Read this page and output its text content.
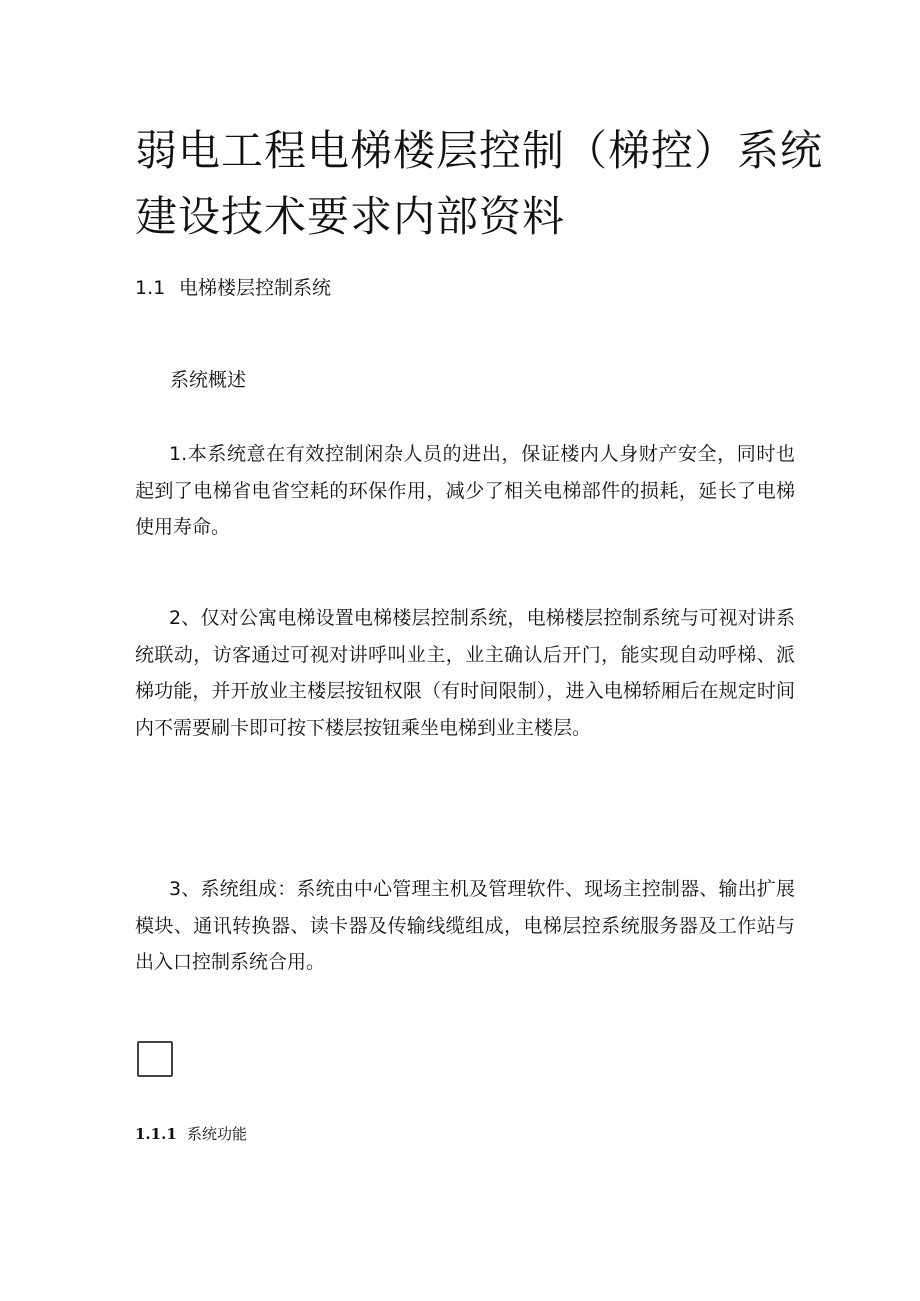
弱电工程电梯楼层控制（梯控）系统
建设技术要求内部资料
1.1 电梯楼层控制系统
系统概述

1.本系统意在有效控制闲杂人员的进出，保证楼内人身财产安全，同时也起到了电梯省电省空耗的环保作用，减少了相关电梯部件的损耗，延长了电梯使用寿命。

2、仅对公寓电梯设置电梯楼层控制系统，电梯楼层控制系统与可视对讲系统联动，访客通过可视对讲呼叫业主，业主确认后开门，能实现自动呼梯、派梯功能，并开放业主楼层按钮权限（有时间限制），进入电梯轿厢后在规定时间内不需要刷卡即可按下楼层按钮乘坐电梯到业主楼层。

3、系统组成：系统由中心管理主机及管理软件、现场主控制器、输出扩展模块、通讯转换器、读卡器及传输线缆组成，电梯层控系统服务器及工作站与出入口控制系统合用。

1.1.1 系统功能
